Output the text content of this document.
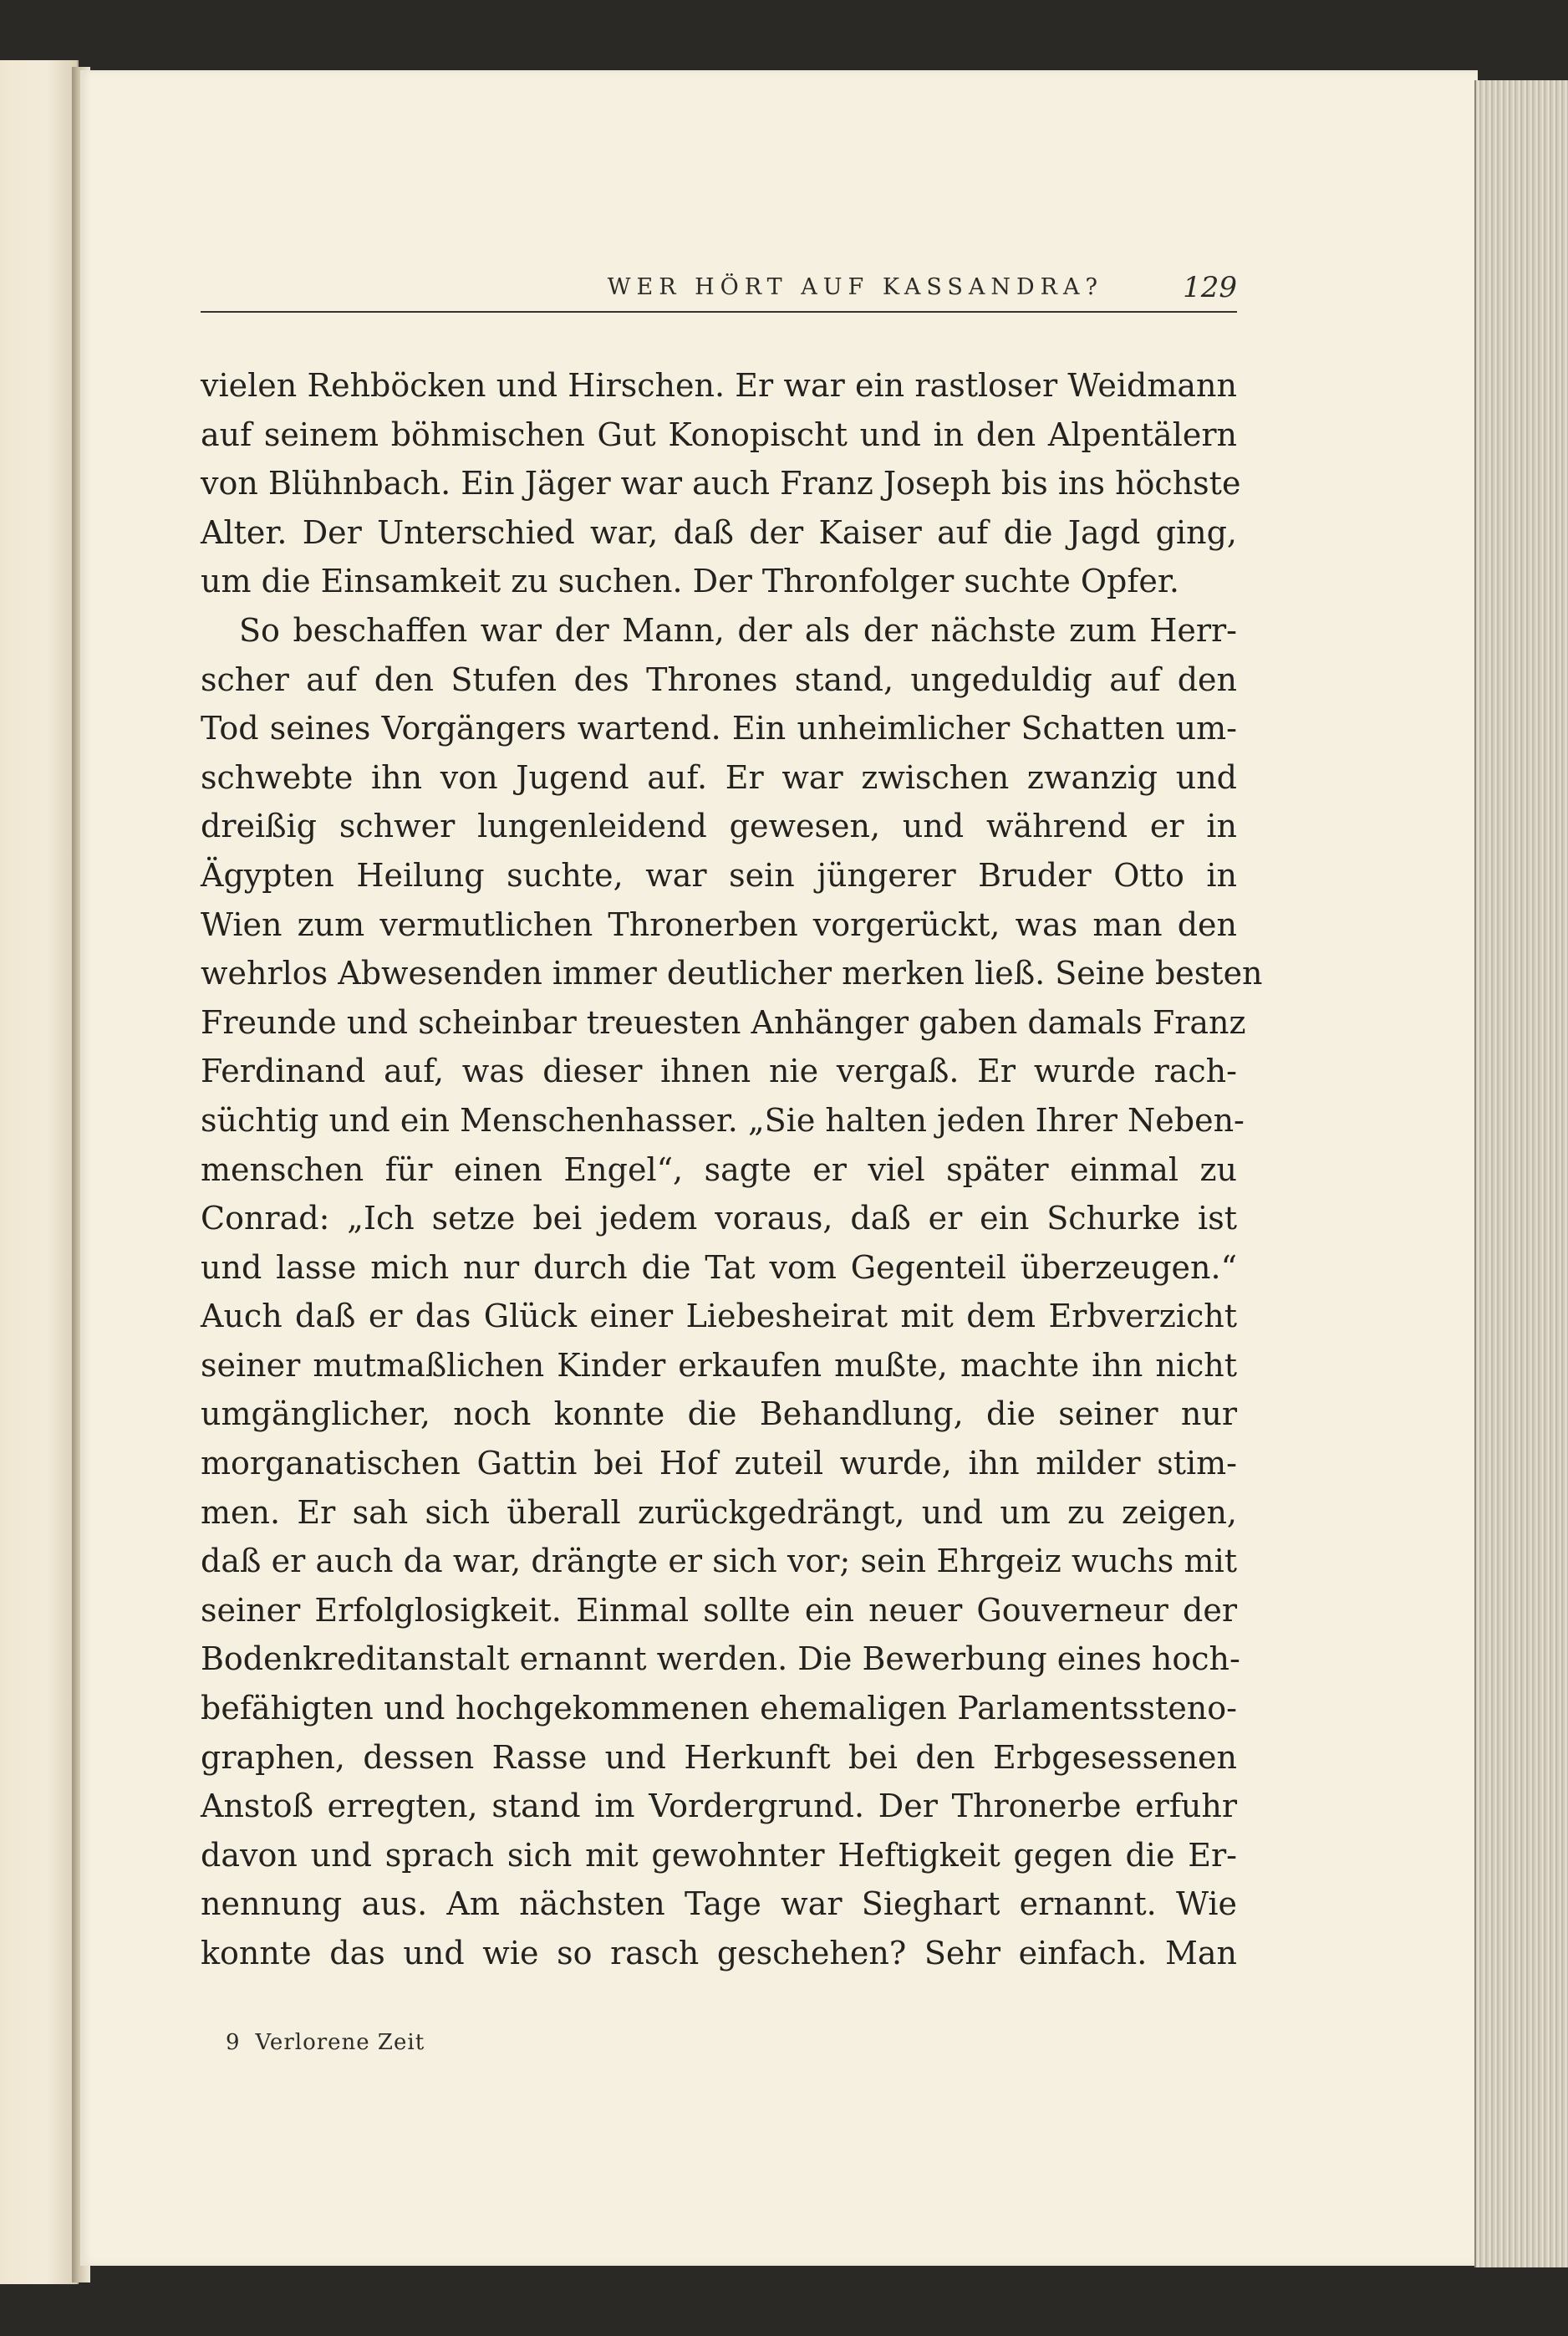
WER HÖRT AUF KASSANDRA?	129
vielen Rehböcken und Hirschen. Er war ein rastloser Weidmann
auf seinem böhmischen Gut Konopischt und in den Alpentälern
von Blühnbach. Ein Jäger war auch Franz Joseph bis ins höchste
Alter. Der Unterschied war, daß der Kaiser auf die Jagd ging,
um die Einsamkeit zu suchen. Der Thronfolger suchte Opfer.
So beschaffen war der Mann, der als der nächste zum Herr-
scher auf den Stufen des Thrones stand, ungeduldig auf den
Tod seines Vorgängers wartend. Ein unheimlicher Schatten um-
schwebte ihn von Jugend auf. Er war zwischen zwanzig und
dreißig schwer lungenleidend gewesen, und während er in
Ägypten Heilung suchte, war sein jüngerer Bruder Otto in
Wien zum vermutlichen Thronerben vorgerückt, was man den
wehrlos Abwesenden immer deutlicher merken ließ. Seine besten
Freunde und scheinbar treuesten Anhänger gaben damals Franz
Ferdinand auf, was dieser ihnen nie vergaß. Er wurde rach-
süchtig und ein Menschenhasser. „Sie halten jeden Ihrer Neben-
menschen für einen Engel“, sagte er viel später einmal zu
Conrad: „Ich setze bei jedem voraus, daß er ein Schurke ist
und lasse mich nur durch die Tat vom Gegenteil überzeugen.“
Auch daß er das Glück einer Liebesheirat mit dem Erbverzicht
seiner mutmaßlichen Kinder erkaufen mußte, machte ihn nicht
umgänglicher, noch konnte die Behandlung, die seiner nur
morganatischen Gattin bei Hof zuteil wurde, ihn milder stim-
men. Er sah sich überall zurückgedrängt, und um zu zeigen,
daß er auch da war, drängte er sich vor; sein Ehrgeiz wuchs mit
seiner Erfolglosigkeit. Einmal sollte ein neuer Gouverneur der
Bodenkreditanstalt ernannt werden. Die Bewerbung eines hoch-
befähigten und hochgekommenen ehemaligen Parlamentssteno-
graphen, dessen Rasse und Herkunft bei den Erbgesessenen
Anstoß erregten, stand im Vordergrund. Der Thronerbe erfuhr
davon und sprach sich mit gewohnter Heftigkeit gegen die Er-
nennung aus. Am nächsten Tage war Sieghart ernannt. Wie
konnte das und wie so rasch geschehen? Sehr einfach. Man
9 Verlorene Zeit
